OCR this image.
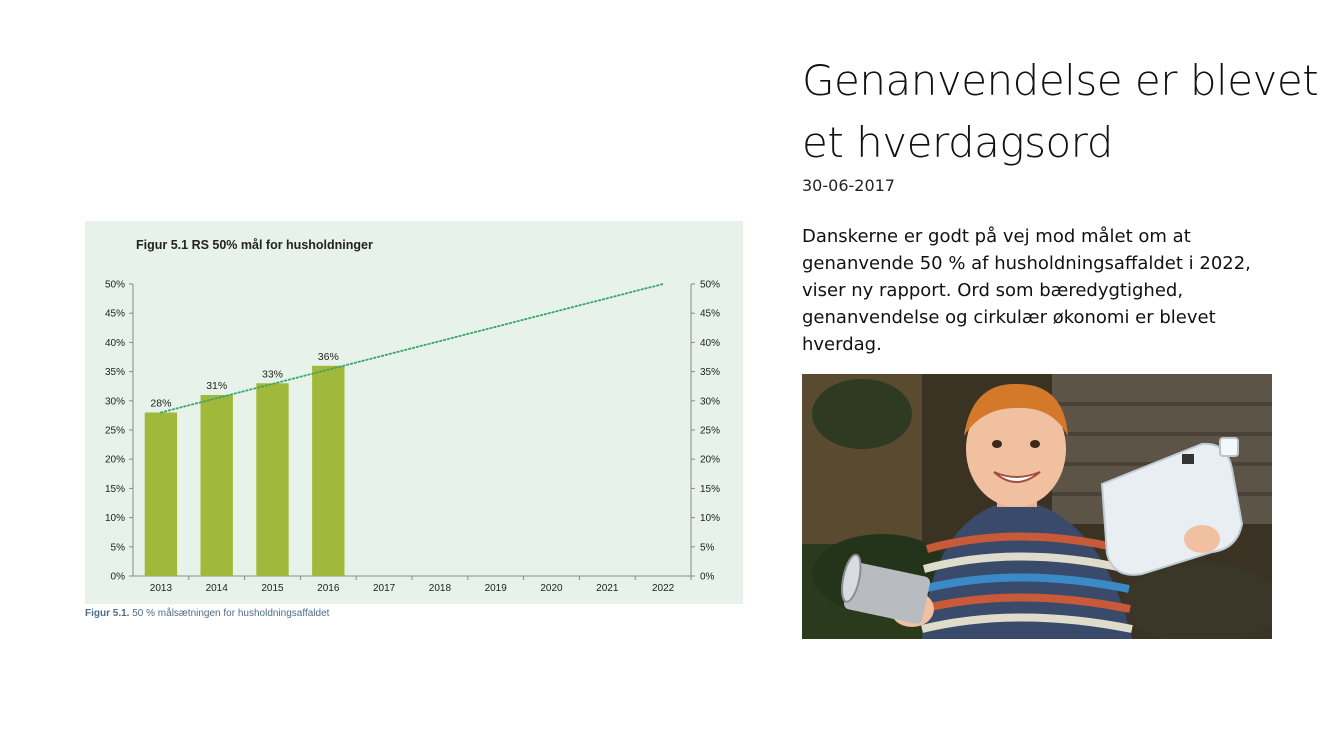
Figur 5.1 RS 50% mål for husholdninger
0%	0%
5%	5%
10%	10%
15%	15%
20%	20%
25%	25%
30%	30%
35%	35%
40%	40%
45%	45%
50%	50%
2013	2014	2015	2016	2017	2018	2019	2020	2021	2022
28%
31%
33%
36%
Figur 5.1. 50 % målsætningen for husholdningsaffaldet
Genanvendelse er blevet et hverdagsord
30-06-2017

Danskerne er godt på vej mod målet om at genanvende 50 % af husholdningsaffaldet i 2022, viser ny rapport. Ord som bæredygtighed, genanvendelse og cirkulær økonomi er blevet hverdag.
